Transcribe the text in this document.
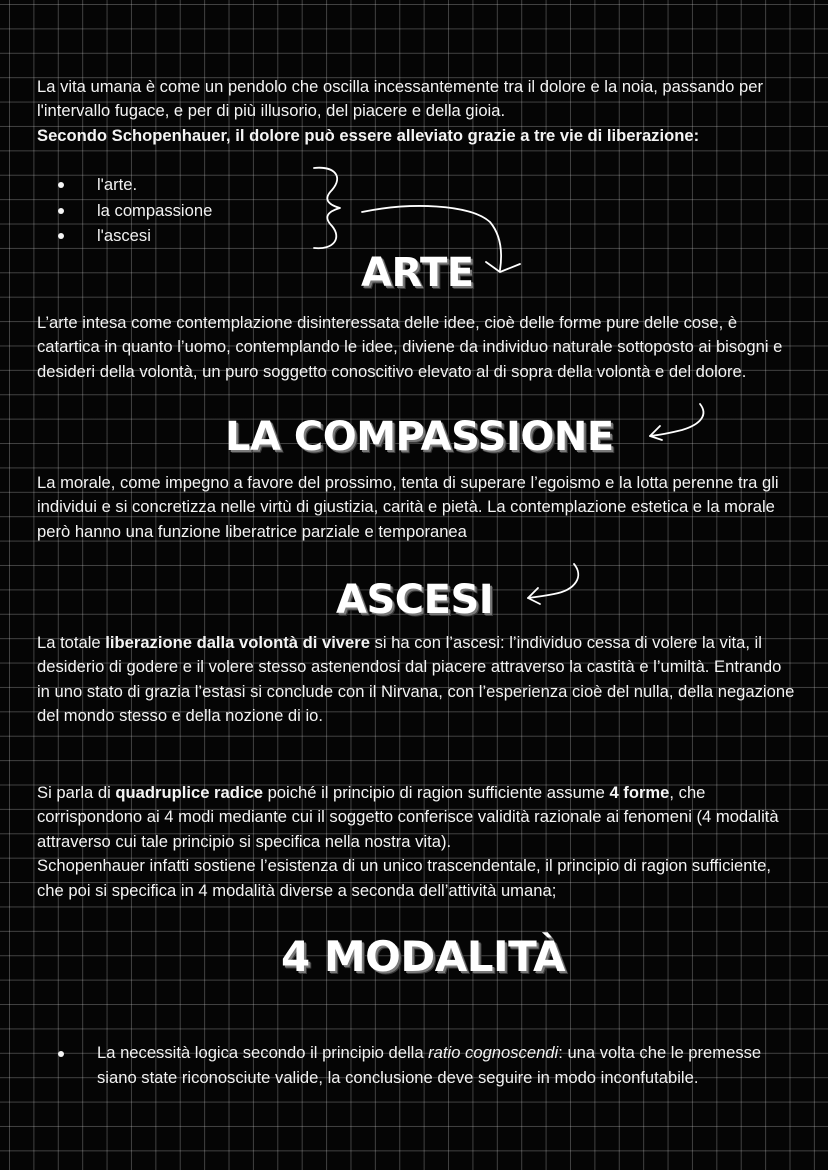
La vita umana è come un pendolo che oscilla incessantemente tra il dolore e la noia, passando per l'intervallo fugace, e per di più illusorio, del piacere e della gioia.
Secondo Schopenhauer, il dolore può essere alleviato grazie a tre vie di liberazione:

l'arte.
la compassione
l'ascesi
ARTE

L’arte intesa come contemplazione disinteressata delle idee, cioè delle forme pure delle cose, è catartica in quanto l’uomo, contemplando le idee, diviene da individuo naturale sottoposto ai bisogni e desideri della volontà, un puro soggetto conoscitivo elevato al di sopra della volontà e del dolore.

LA COMPASSIONE

La morale, come impegno a favore del prossimo, tenta di superare l’egoismo e la lotta perenne tra gli individui e si concretizza nelle virtù di giustizia, carità e pietà. La contemplazione estetica e la morale però hanno una funzione liberatrice parziale e temporanea

ASCESI

La totale liberazione dalla volontà di vivere si ha con l’ascesi: l’individuo cessa di volere la vita, il desiderio di godere e il volere stesso astenendosi dal piacere attraverso la castità e l’umiltà. Entrando in uno stato di grazia l’estasi si conclude con il Nirvana, con l’esperienza cioè del nulla, della negazione del mondo stesso e della nozione di io.

Si parla di quadruplice radice poiché il principio di ragion sufficiente assume 4 forme, che corrispondono ai 4 modi mediante cui il soggetto conferisce validità razionale ai fenomeni (4 modalità attraverso cui tale principio si specifica nella nostra vita).
Schopenhauer infatti sostiene l’esistenza di un unico trascendentale, il principio di ragion sufficiente, che poi si specifica in 4 modalità diverse a seconda dell’attività umana;

4 MODALITÀ
La necessità logica secondo il principio della ratio cognoscendi: una volta che le premesse siano state riconosciute valide, la conclusione deve seguire in modo inconfutabile.
